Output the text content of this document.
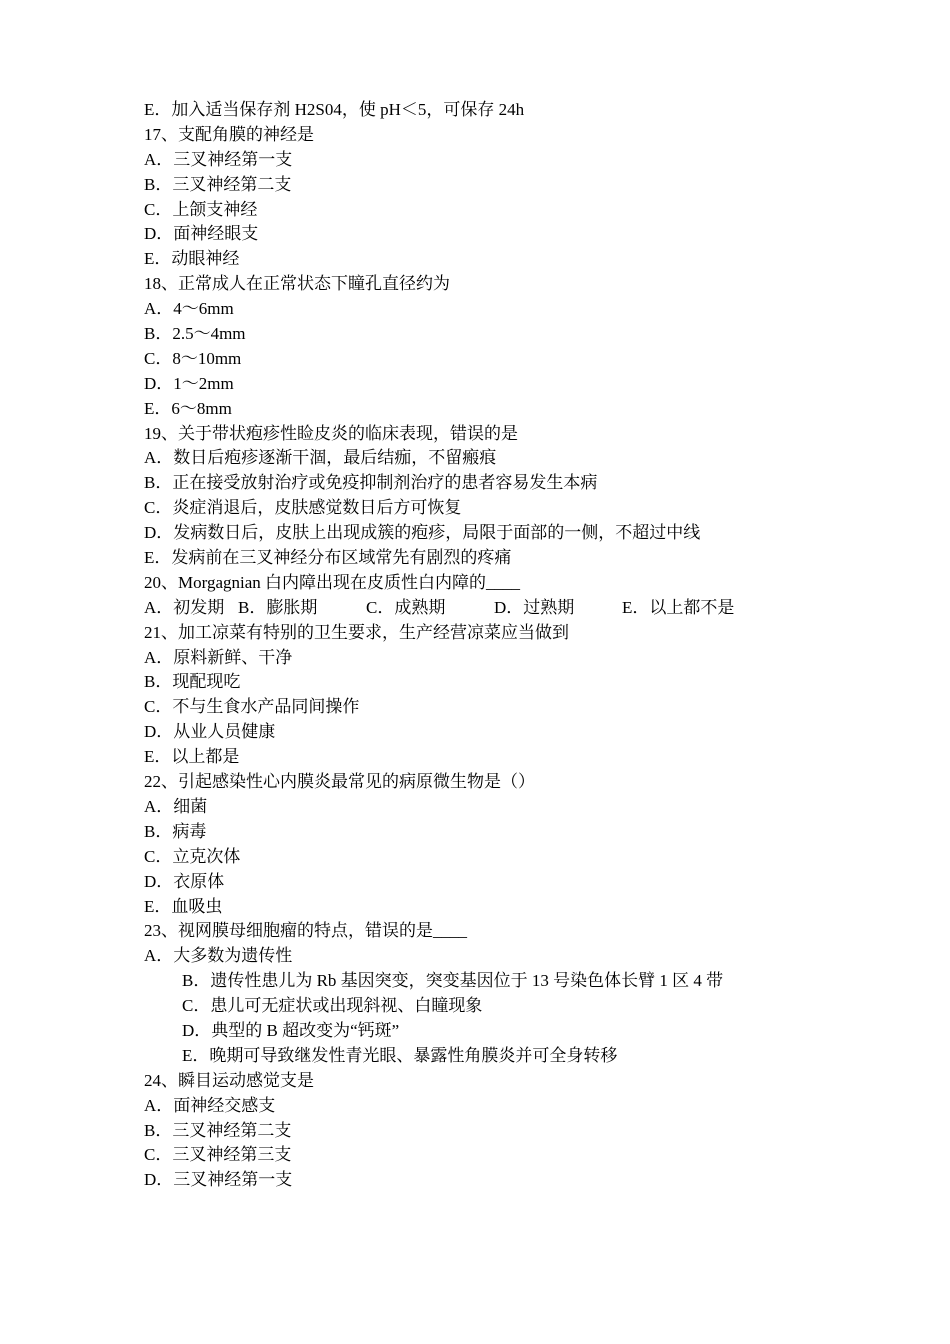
E．加入适当保存剂 H2S04，使 pH＜5，可保存 24h
17、支配角膜的神经是
A．三叉神经第一支
B．三叉神经第二支
C．上颌支神经
D．面神经眼支
E．动眼神经
18、正常成人在正常状态下瞳孔直径约为
A．4～6mm
B．2.5～4mm
C．8～10mm
D．1～2mm
E．6～8mm
19、关于带状疱疹性睑皮炎的临床表现，错误的是
A．数日后疱疹逐渐干涸，最后结痂，不留瘢痕
B．正在接受放射治疗或免疫抑制剂治疗的患者容易发生本病
C．炎症消退后，皮肤感觉数日后方可恢复
D．发病数日后，皮肤上出现成簇的疱疹，局限于面部的一侧，不超过中线
E．发病前在三叉神经分布区域常先有剧烈的疼痛
20、Morgagnian 白内障出现在皮质性白内障的____
A．初发期 B．膨胀期	C．成熟期	D．过熟期	E．以上都不是
21、加工凉菜有特别的卫生要求，生产经营凉菜应当做到
A．原料新鲜、干净
B．现配现吃
C．不与生食水产品同间操作
D．从业人员健康
E．以上都是
22、引起感染性心内膜炎最常见的病原微生物是（）
A．细菌
B．病毒
C．立克次体
D．衣原体
E．血吸虫
23、视网膜母细胞瘤的特点，错误的是____
A．大多数为遗传性
B．遗传性患儿为 Rb 基因突变，突变基因位于 13 号染色体长臂 1 区 4 带
C．患儿可无症状或出现斜视、白瞳现象
D．典型的 B 超改变为“钙斑”
E．晚期可导致继发性青光眼、暴露性角膜炎并可全身转移
24、瞬目运动感觉支是
A．面神经交感支
B．三叉神经第二支
C．三叉神经第三支
D．三叉神经第一支
